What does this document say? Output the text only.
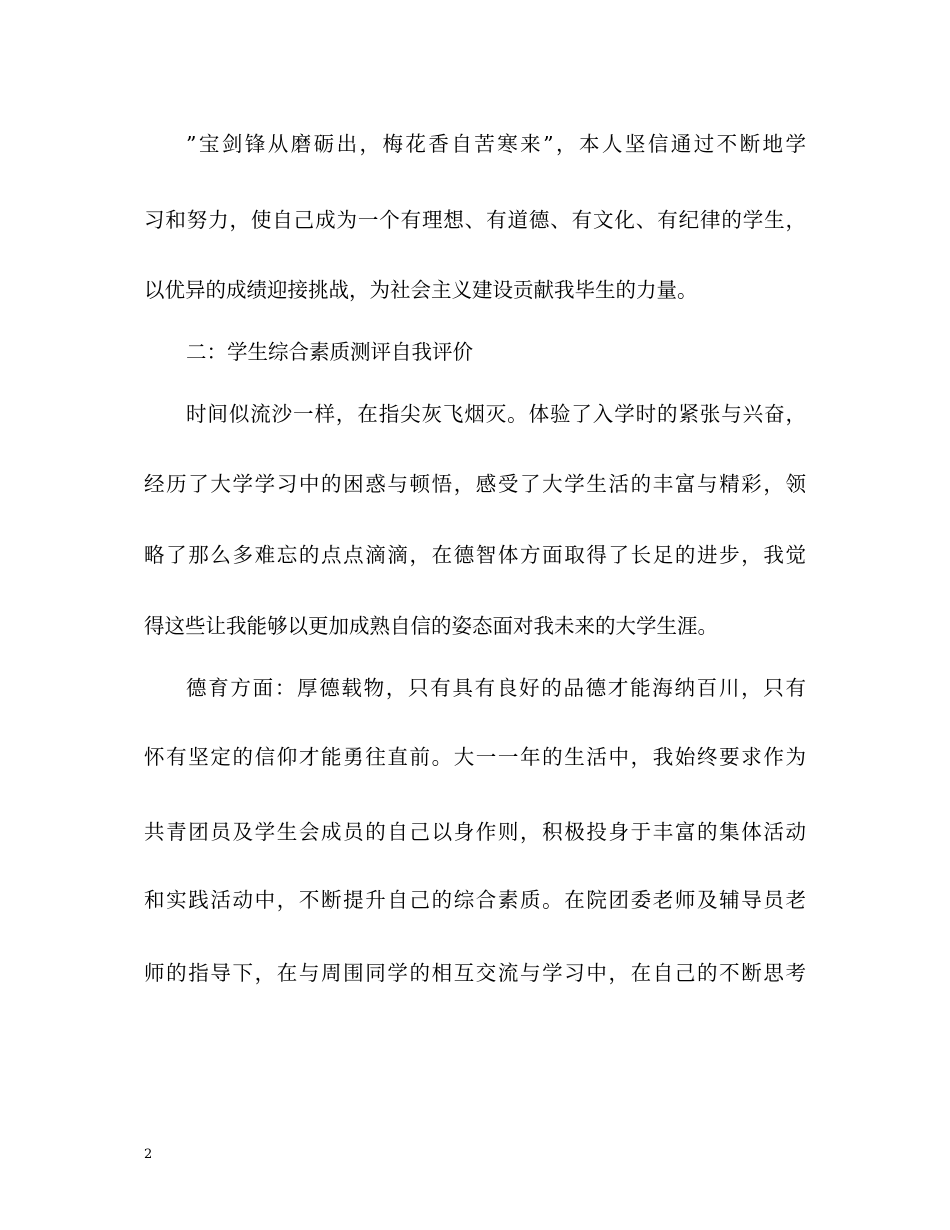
”宝剑锋从磨砺出，梅花香自苦寒来”，本人坚信通过不断地学
习和努力，使自己成为一个有理想、有道德、有文化、有纪律的学生，
以优异的成绩迎接挑战，为社会主义建设贡献我毕生的力量。
二：学生综合素质测评自我评价
时间似流沙一样，在指尖灰飞烟灭。体验了入学时的紧张与兴奋，
经历了大学学习中的困惑与顿悟，感受了大学生活的丰富与精彩，领
略了那么多难忘的点点滴滴，在德智体方面取得了长足的进步，我觉
得这些让我能够以更加成熟自信的姿态面对我未来的大学生涯。
德育方面：厚德载物，只有具有良好的品德才能海纳百川，只有
怀有坚定的信仰才能勇往直前。大一一年的生活中，我始终要求作为
共青团员及学生会成员的自己以身作则，积极投身于丰富的集体活动
和实践活动中，不断提升自己的综合素质。在院团委老师及辅导员老
师的指导下，在与周围同学的相互交流与学习中，在自己的不断思考
2
